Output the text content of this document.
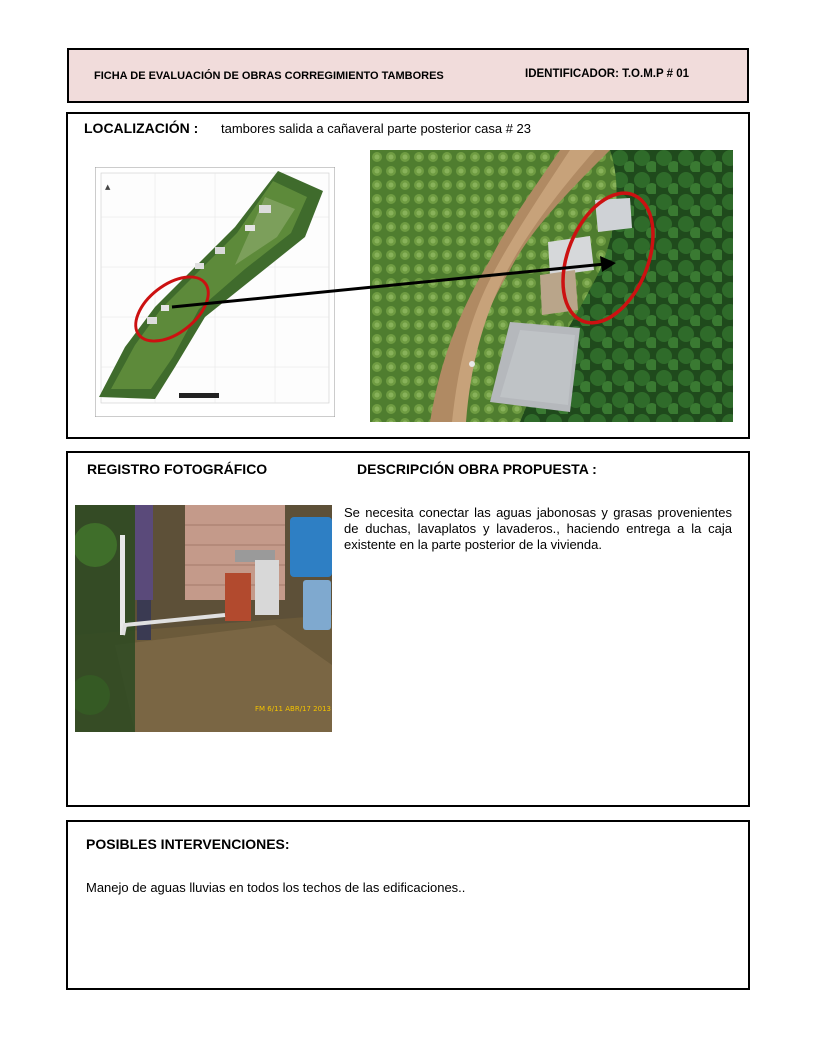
FICHA DE EVALUACIÓN DE OBRAS CORREGIMIENTO TAMBORES	IDENTIFICADOR: T.O.M.P # 01
LOCALIZACIÓN : tambores salida a cañaveral parte posterior casa # 23
▲
REGISTRO FOTOGRÁFICO	DESCRIPCIÓN OBRA PROPUESTA :
Se necesita conectar las aguas jabonosas y grasas provenientes de duchas, lavaplatos y lavaderos., haciendo entrega a la caja existente en la parte posterior de la vivienda.
FM 6/11 ABR/17 2013
POSIBLES INTERVENCIONES:
Manejo de aguas lluvias en todos los techos de las edificaciones..
